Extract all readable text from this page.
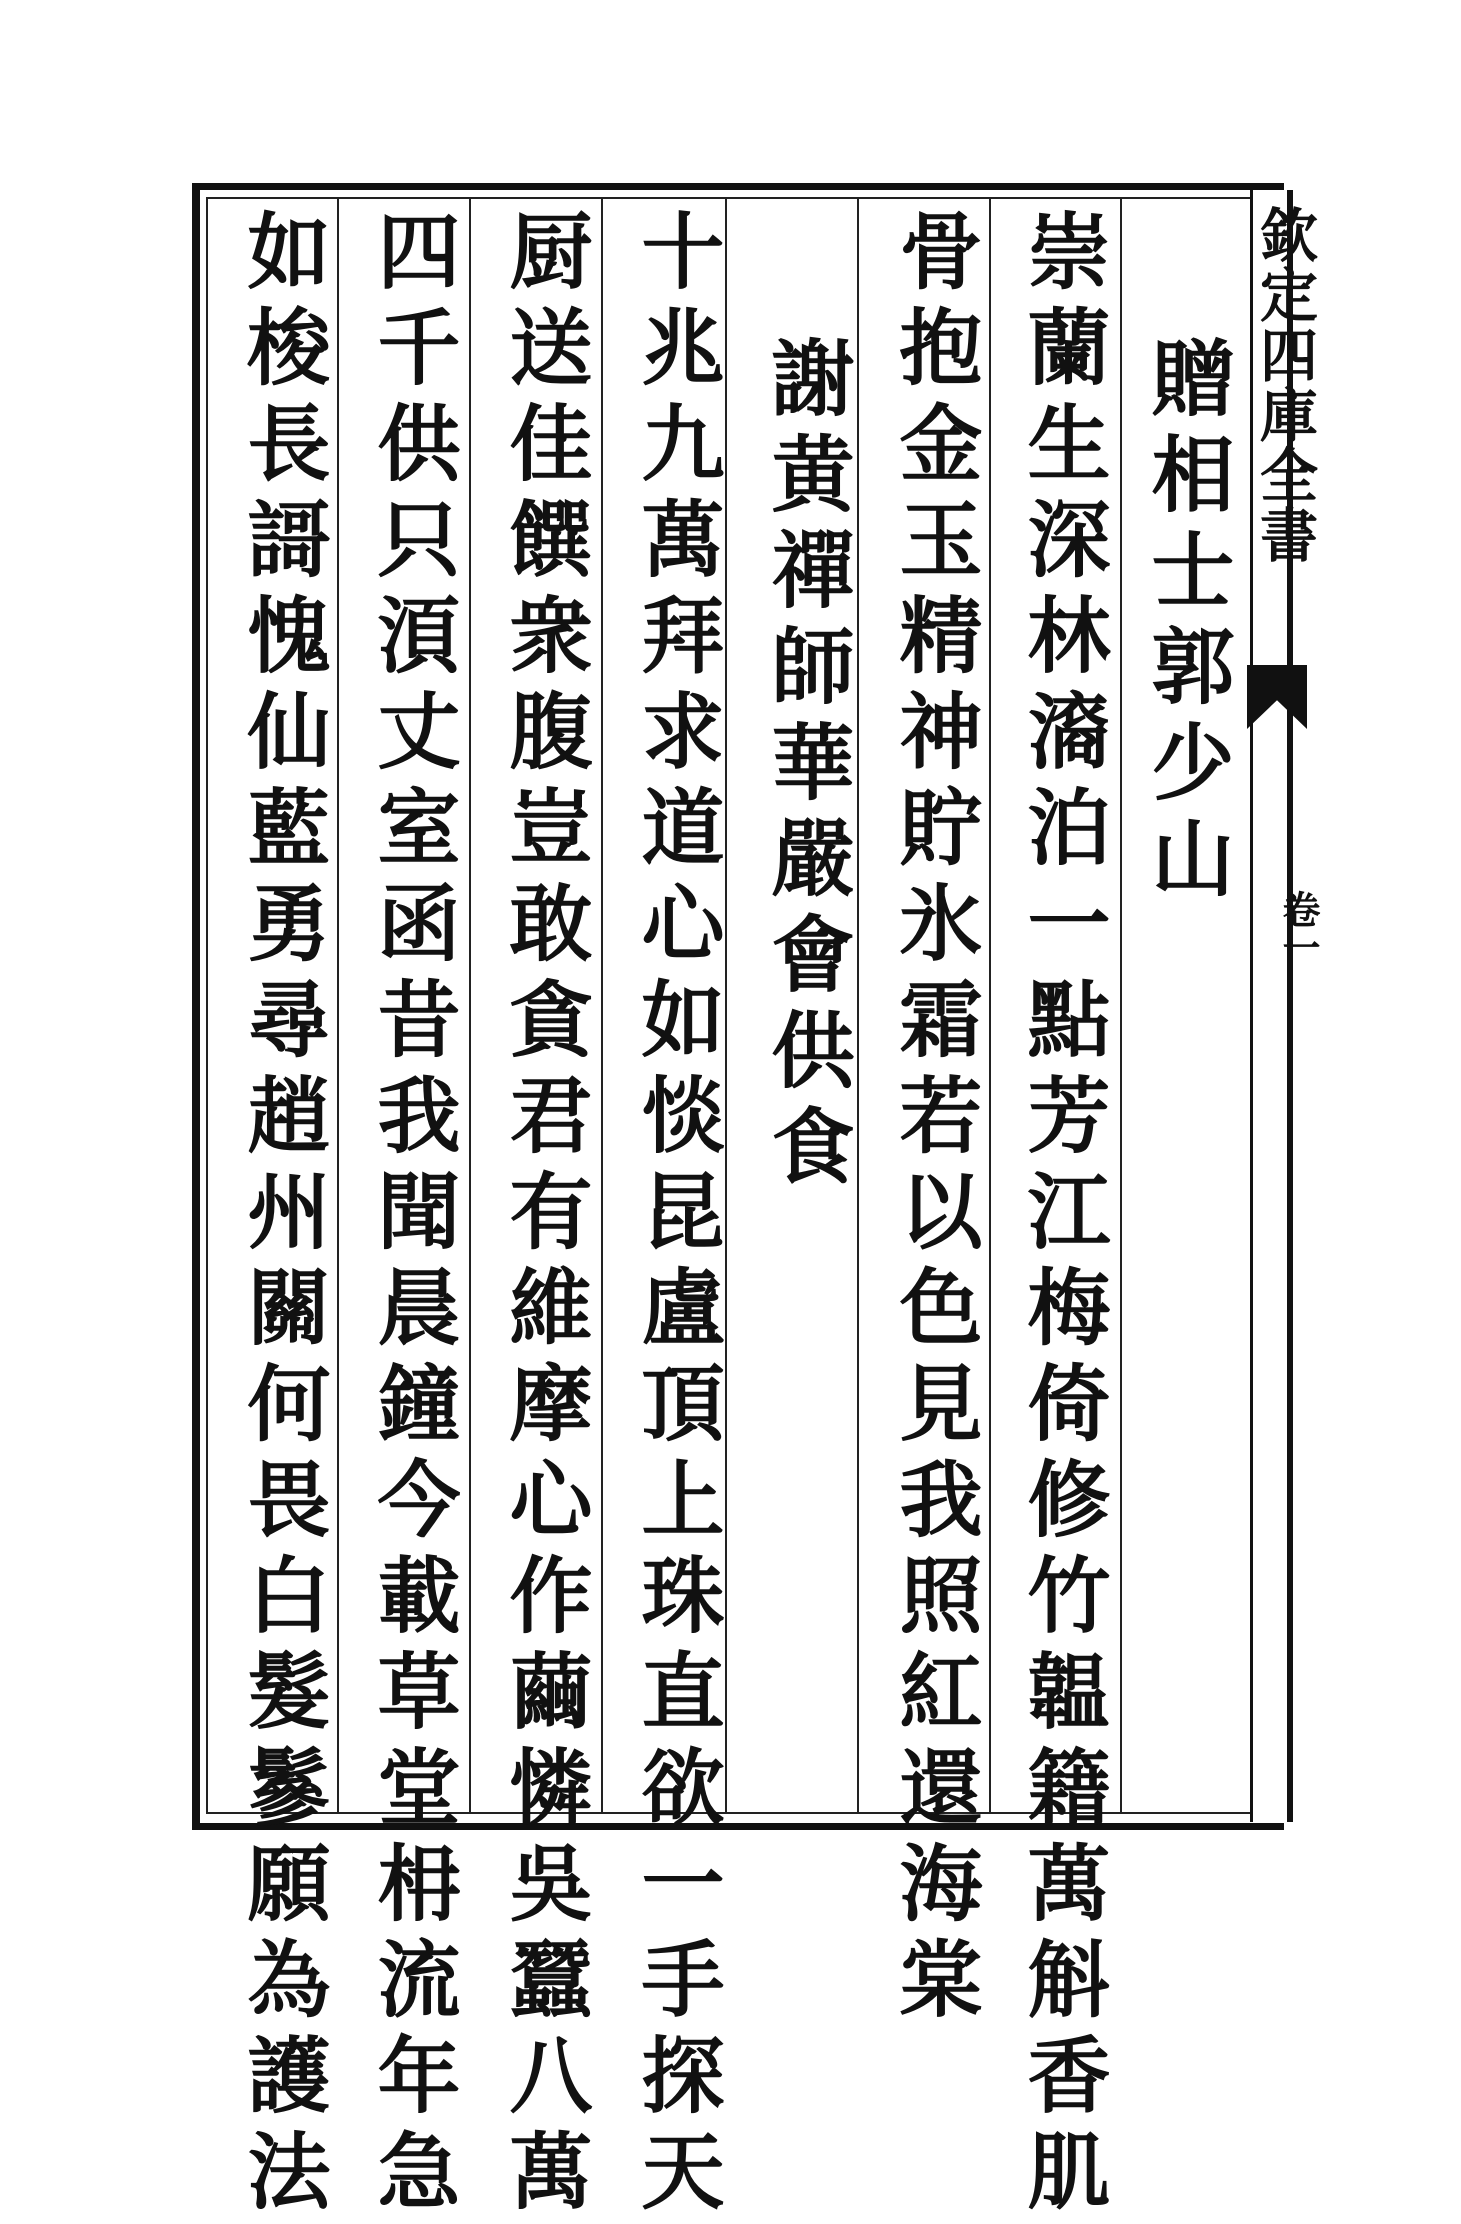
贈相士郭少山
崇蘭生深林㵝泊一點芳江梅倚修竹韞籍萬斛香肌
骨抱金玉精神貯氷霜若以色見我照紅還海棠
謝黄禪師華嚴會供食
十兆九萬拜求道心如惔昆盧頂上珠直欲一手探天
厨送佳饌衆腹豈敢貪君有維摩心作繭憐吳蠶八萬
四千供只湏丈室函昔我聞晨鐘今載草堂枏流年急
如梭長謌愧仙藍勇尋趙州關何畏白髮鬖願為護法	欽定四庫全書
卷一
